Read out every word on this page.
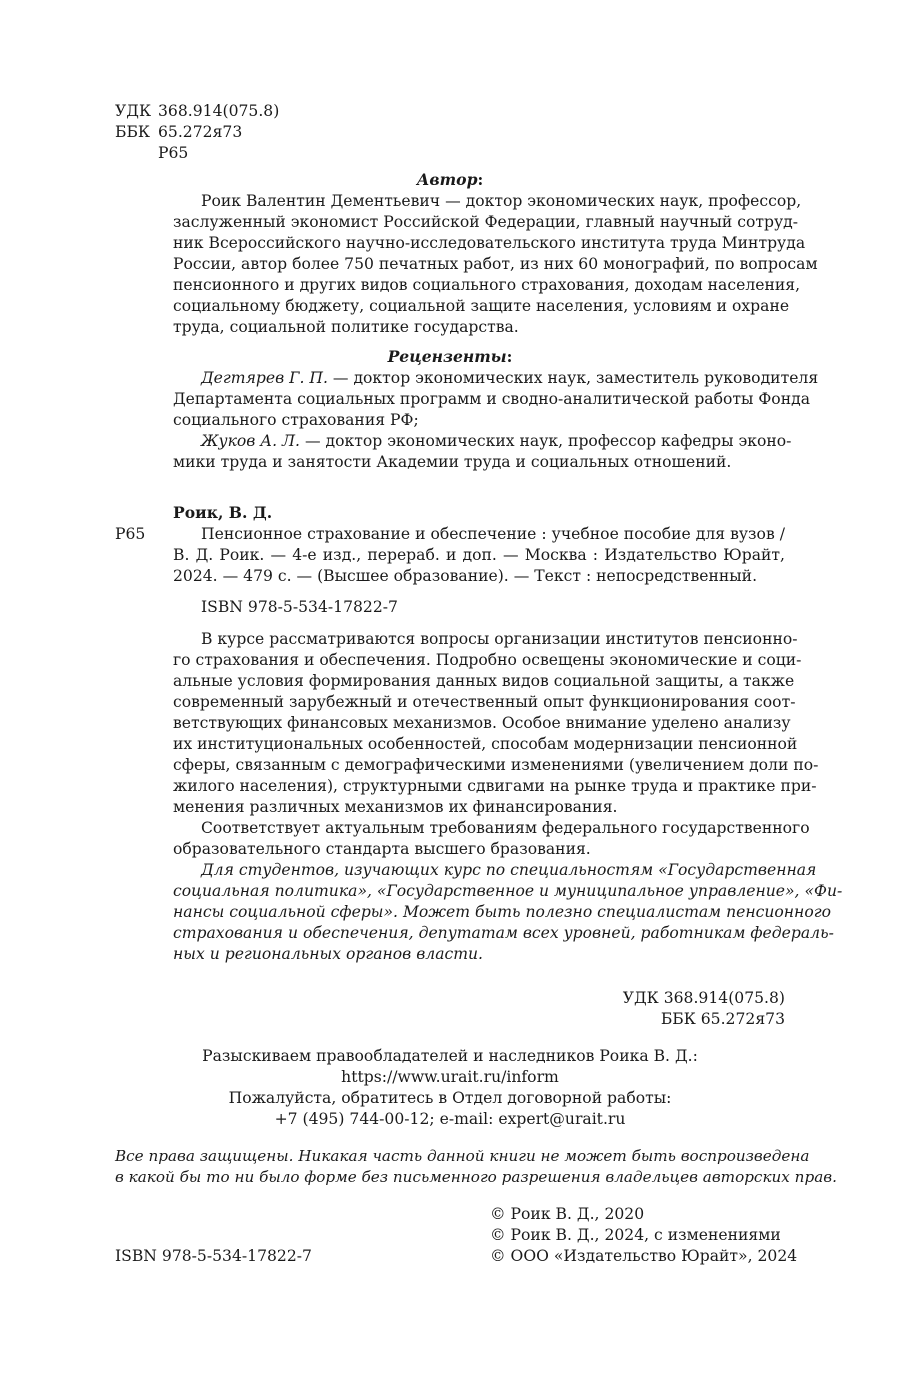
УДК 368.914(075.8)
ББК 65.272я73
Р65
Автор:
Роик Валентин Дементьевич — доктор экономических наук, профессор,
заслуженный экономист Российской Федерации, главный научный сотруд-
ник Всероссийского научно-исследовательского института труда Минтруда
России, автор более 750 печатных работ, из них 60 монографий, по вопросам
пенсионного и других видов социального страхования, доходам населения,
социальному бюджету, социальной защите населения, условиям и охране
труда, социальной политике государства.
Рецензенты:
Дегтярев Г. П. — доктор экономических наук, заместитель руководителя
Департамента социальных программ и сводно-аналитической работы Фонда
социального страхования РФ;
Жуков А. Л. — доктор экономических наук, профессор кафедры эконо-
мики труда и занятости Академии труда и социальных отношений.
Роик, В. Д.
Р65	Пенсионное страхование и обеспечение : учебное пособие для вузов /
В. Д. Роик. — 4-е изд., перераб. и доп. — Москва : Издательство Юрайт,
2024. — 479 с. — (Высшее образование). — Текст : непосредственный.
ISBN 978-5-534-17822-7
В курсе рассматриваются вопросы организации институтов пенсионно-
го страхования и обеспечения. Подробно освещены экономические и соци-
альные условия формирования данных видов социальной защиты, а также
современный зарубежный и отечественный опыт функционирования соот-
ветствующих финансовых механизмов. Особое внимание уделено анализу
их институциональных особенностей, способам модернизации пенсионной
сферы, связанным с демографическими изменениями (увеличением доли по-
жилого населения), структурными сдвигами на рынке труда и практике при-
менения различных механизмов их финансирования.
Соответствует актуальным требованиям федерального государственного
образовательного стандарта высшего бразования.
Для студентов, изучающих курс по специальностям «Государственная
социальная политика», «Государственное и муниципальное управление», «Фи-
нансы социальной сферы». Может быть полезно специалистам пенсионного
страхования и обеспечения, депутатам всех уровней, работникам федераль-
ных и региональных органов власти.
УДК 368.914(075.8)
ББК 65.272я73
Разыскиваем правообладателей и наследников Роика В. Д.:
https://www.urait.ru/inform
Пожалуйста, обратитесь в Отдел договорной работы:
+7 (495) 744-00-12; e-mail: expert@urait.ru
Все права защищены. Никакая часть данной книги не может быть воспроизведена
в какой бы то ни было форме без письменного разрешения владельцев авторских прав.
© Роик В. Д., 2020
© Роик В. Д., 2024, с изменениями
ISBN 978-5-534-17822-7	© ООО «Издательство Юрайт», 2024
